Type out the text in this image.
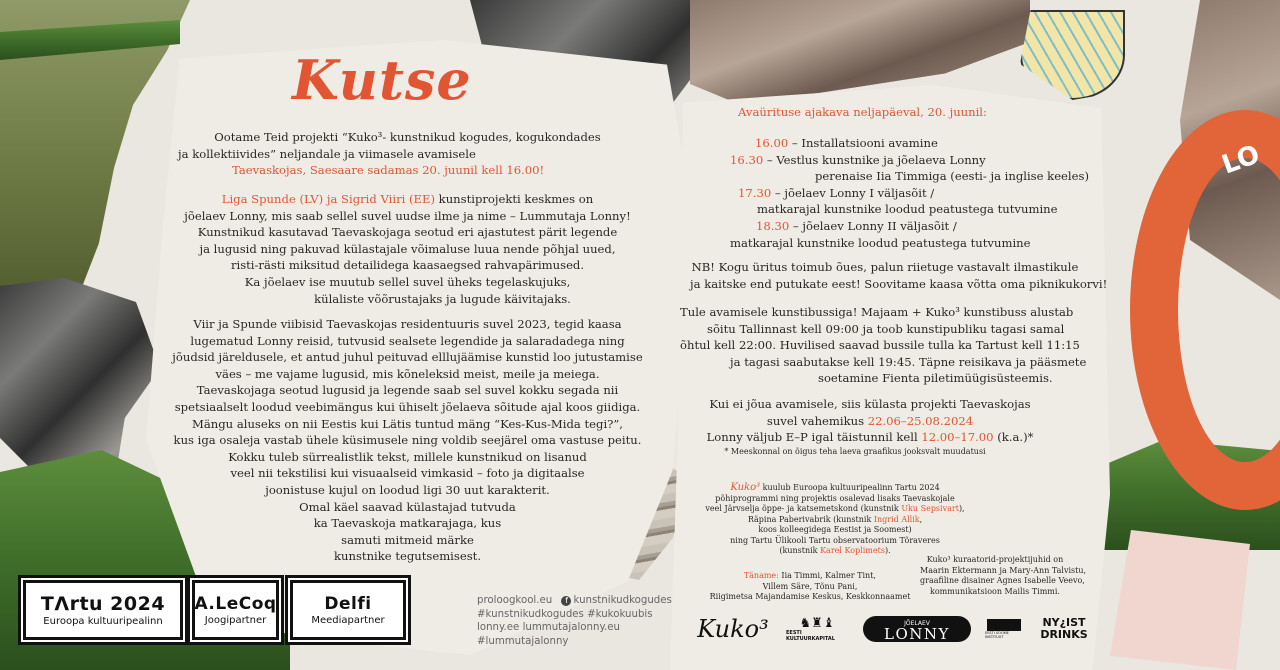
LO
Kutse

Ootame Teid projekti “Kuko³- kunstnikud kogudes, kogukondades

ja kollektiivides” neljandale ja viimasele avamisele

Taevaskojas, Saesaare sadamas 20. juunil kell 16.00!

Liga Spunde (LV) ja Sigrid Viiri (EE) kunstiprojekti keskmes on

jõelaev Lonny, mis saab sellel suvel uudse ilme ja nime – Lummutaja Lonny!

Kunstnikud kasutavad Taevaskojaga seotud eri ajastutest pärit legende

ja lugusid ning pakuvad külastajale võimaluse luua nende põhjal uued,

risti-rästi miksitud detailidega kaasaegsed rahvapärimused.

Ka jõelaev ise muutub sellel suvel üheks tegelaskujuks,

külaliste võõrustajaks ja lugude käivitajaks.

Viir ja Spunde viibisid Taevaskojas residentuuris suvel 2023, tegid kaasa

lugematud Lonny reisid, tutvusid sealsete legendide ja salaradadega ning

jõudsid järeldusele, et antud juhul peituvad elllujäämise kunstid loo jutustamise

väes – me vajame lugusid, mis kõneleksid meist, meile ja meiega.

Taevaskojaga seotud lugusid ja legende saab sel suvel kokku segada nii

spetsiaalselt loodud veebimängus kui ühiselt jõelaeva sõitude ajal koos giidiga.

Mängu aluseks on nii Eestis kui Lätis tuntud mäng “Kes-Kus-Mida tegi?”,

kus iga osaleja vastab ühele küsimusele ning voldib seejärel oma vastuse peitu.

Kokku tuleb sürrealistlik tekst, millele kunstnikud on lisanud

veel nii tekstilisi kui visuaalseid vimkasid – foto ja digitaalse

joonistuse kujul on loodud ligi 30 uut karakterit.

Omal käel saavad külastajad tutvuda

ka Taevaskoja matkarajaga, kus

samuti mitmeid märke

kunstnike tegutsemisest.

Avaürituse ajakava neljapäeval, 20. juunil:

16.00 – Installatsiooni avamine

16.30 – Vestlus kunstnike ja jõelaeva Lonny

perenaise Iia Timmiga (eesti- ja inglise keeles)

17.30 – jõelaev Lonny I väljasõit /

matkarajal kunstnike loodud peatustega tutvumine

18.30 – jõelaev Lonny II väljasõit /

matkarajal kunstnike loodud peatustega tutvumine

NB! Kogu üritus toimub õues, palun riietuge vastavalt ilmastikule

ja kaitske end putukate eest! Soovitame kaasa võtta oma piknikukorvi!

Tule avamisele kunstibussiga! Majaam + Kuko³ kunstibuss alustab

sõitu Tallinnast kell 09:00 ja toob kunstipubliku tagasi samal

õhtul kell 22:00. Huvilised saavad bussile tulla ka Tartust kell 11:15

ja tagasi saabutakse kell 19:45. Täpne reisikava ja pääsmete

soetamine Fienta piletimüügisüsteemis.

Kui ei jõua avamisele, siis külasta projekti Taevaskojas

suvel vahemikus 22.06–25.08.2024

Lonny väljub E–P igal täistunnil kell 12.00–17.00 (k.a.)*

* Meeskonnal on õigus teha laeva graafikus jooksvalt muudatusi

Kuko³ kuulub Euroopa kultuuripealinn Tartu 2024

põhiprogrammi ning projektis osalevad lisaks Taevaskojale

veel Järvselja õppe- ja katsemetskond (kunstnik Uku Sepsivart),

Räpina Paberivabrik (kunstnik Ingrid Allik,

koos kolleegidega Eestist ja Soomest)

ning Tartu Ülikooli Tartu observatoorium Tõraveres

(kunstnik Karel Koplimets).

Täname: Iia Timmi, Kalmer Tint,

Villem Säre, Tõnu Pani,

Riigimetsa Majandamise Keskus, Keskkonnaamet

Kuko³ kuraatorid-projektijuhid on

Maarin Ektermann ja Mary-Ann Talvistu,

graafiline disainer Agnes Isabelle Veevo,

kommunikatsioon Mailis Timmi.

TΛrtu 2024
Euroopa kultuuripealinn
A.LeCoq
Joogipartner
Delfi
Meediapartner

proloogkool.eu f kunstnikudkogudes

#kunstnikudkogudes #kukokuubis

lonny.ee lummutajalonny.eu

#lummutajalonny	Kuko³ ♞♜♝
EESTI KULTUURKAPITAL
JÕELAEV
LONNY	EESTI SOOME INSTITUUT
NY¿IST
DRINKS
